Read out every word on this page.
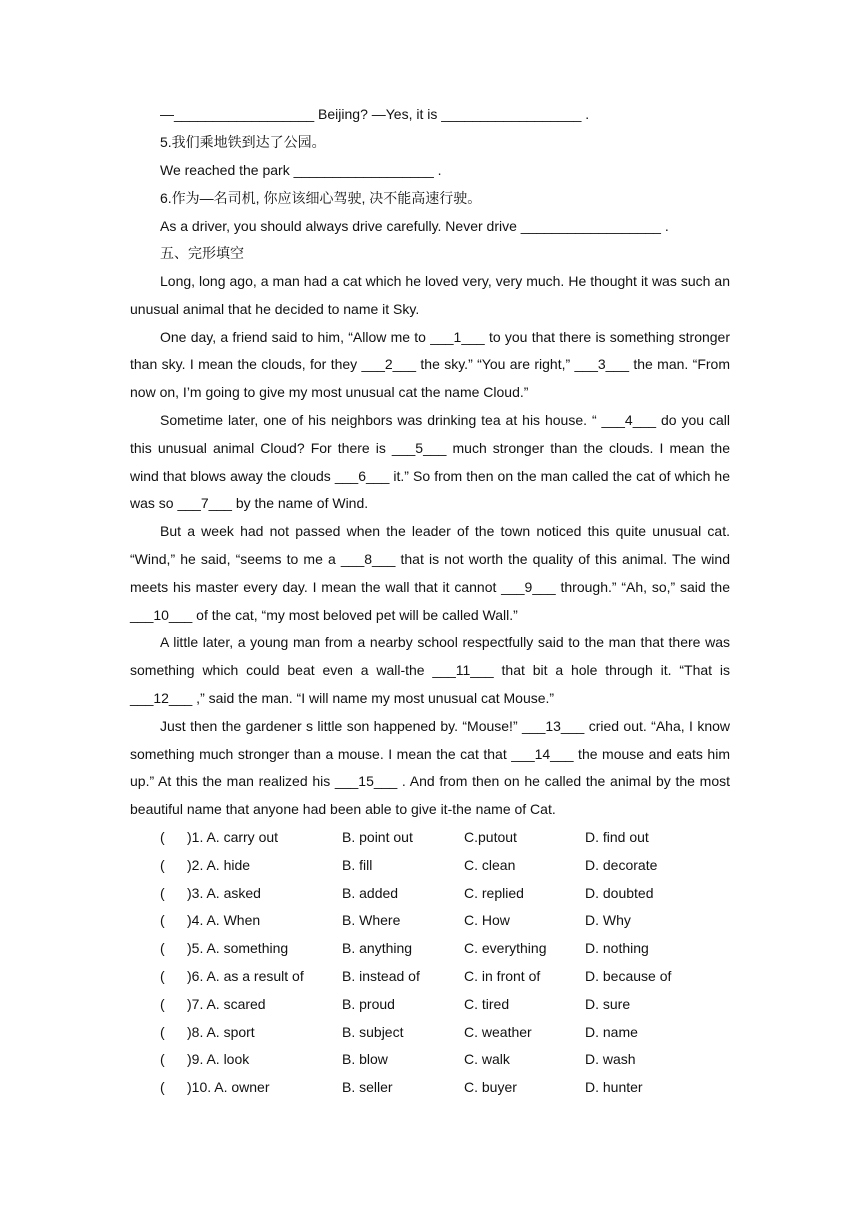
—__________________ Beijing? —Yes, it is __________________ .
5.我们乘地铁到达了公园。
We reached the park __________________ .
6.作为—名司机, 你应该细心驾驶, 决不能高速行驶。
As a driver, you should always drive carefully. Never drive __________________ .
五、完形填空

Long, long ago, a man had a cat which he loved very, very much. He thought it was such an unusual animal that he decided to name it Sky.

One day, a friend said to him, “Allow me to ___1___ to you that there is something stronger than sky. I mean the clouds, for they ___2___ the sky.” “You are right,” ___3___ the man. “From now on, I’m going to give my most unusual cat the name Cloud.”

Sometime later, one of his neighbors was drinking tea at his house. “ ___4___ do you call this unusual animal Cloud? For there is ___5___ much stronger than the clouds. I mean the wind that blows away the clouds ___6___ it.” So from then on the man called the cat of which he was so ___7___ by the name of Wind.

But a week had not passed when the leader of the town noticed this quite unusual cat. “Wind,” he said, “seems to me a ___8___ that is not worth the quality of this animal. The wind meets his master every day. I mean the wall that it cannot ___9___ through.” “Ah, so,” said the ___10___ of the cat, “my most beloved pet will be called Wall.”

A little later, a young man from a nearby school respectfully said to the man that there was something which could beat even a wall-the ___11___ that bit a hole through it. “That is ___12___ ,” said the man. “I will name my most unusual cat Mouse.”

Just then the gardener s little son happened by. “Mouse!” ___13___ cried out. “Aha, I know something much stronger than a mouse. I mean the cat that ___14___ the mouse and eats him up.” At this the man realized his ___15___ . And from then on he called the animal by the most beautiful name that anyone had been able to give it-the name of Cat.

( )1. A. carry out	B. point out	C.putout	D. find out
( )2. A. hide	B. fill	C. clean	D. decorate
( )3. A. asked	B. added	C. replied	D. doubted
( )4. A. When	B. Where	C. How	D. Why
( )5. A. something	B. anything	C. everything	D. nothing
( )6. A. as a result of	B. instead of	C. in front of	D. because of
( )7. A. scared	B. proud	C. tired	D. sure
( )8. A. sport	B. subject	C. weather	D. name
( )9. A. look	B. blow	C. walk	D. wash
( )10. A. owner	B. seller	C. buyer	D. hunter
